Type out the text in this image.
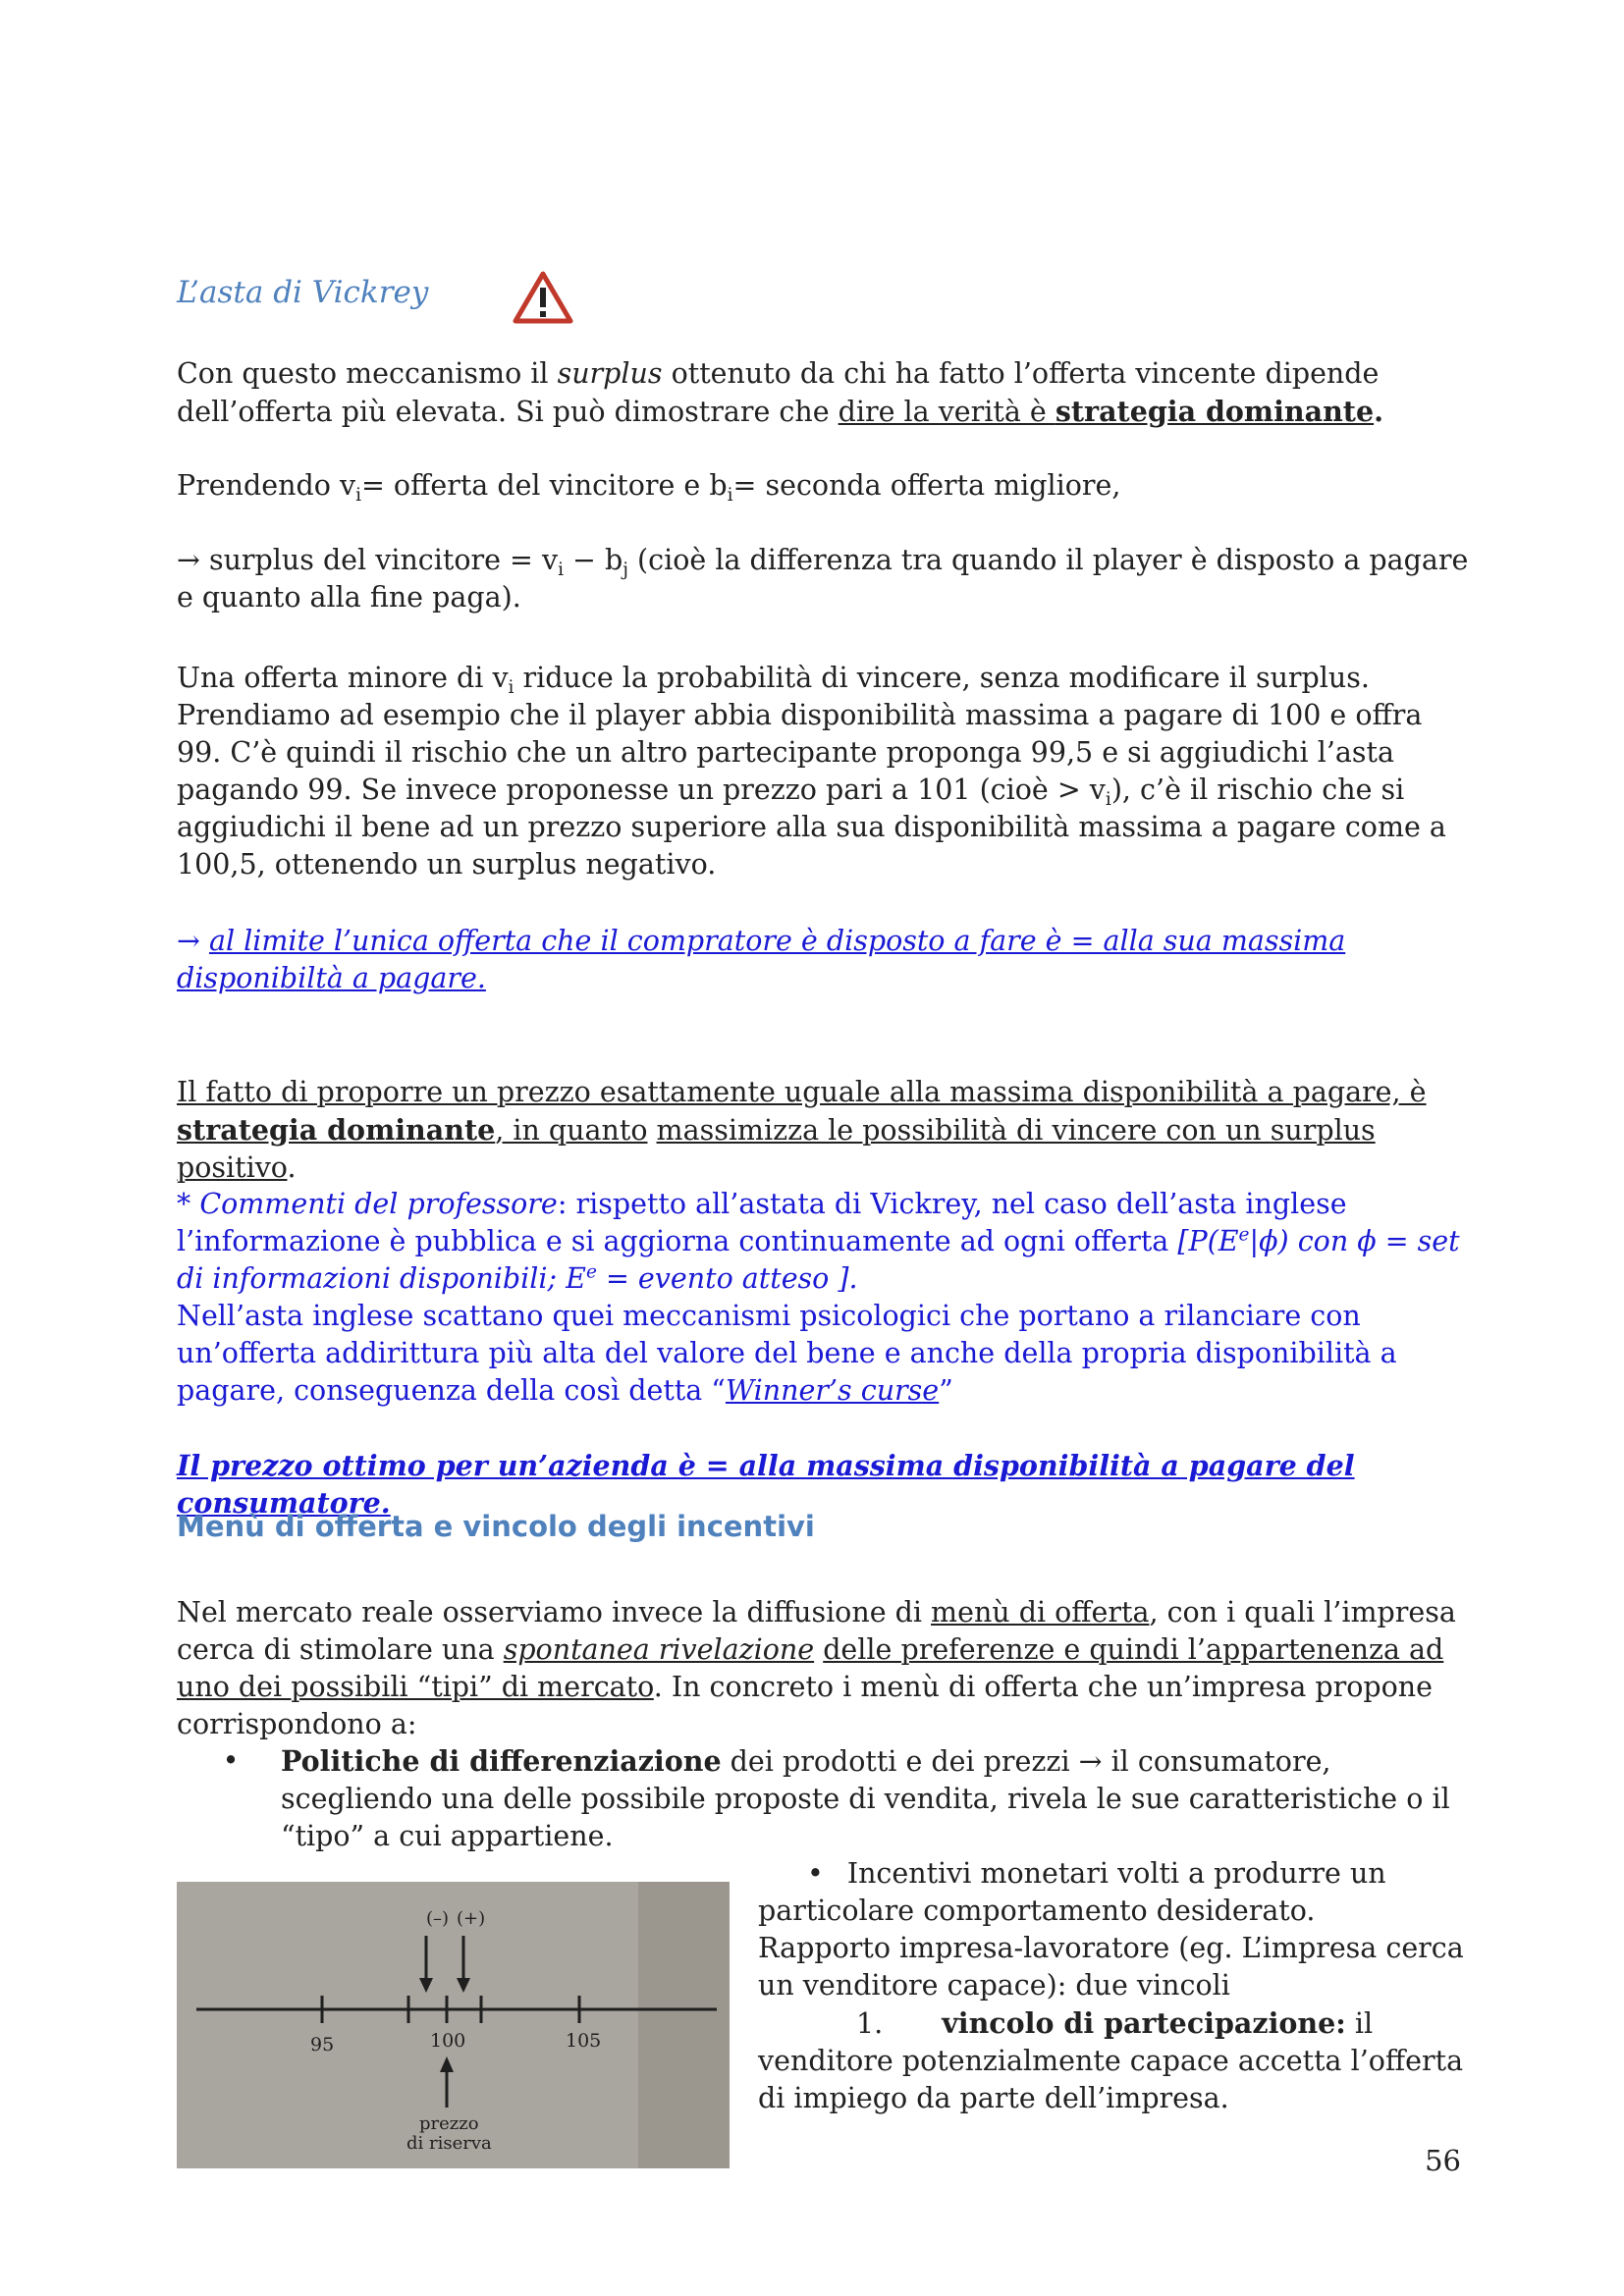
L’asta di Vickrey
Con questo meccanismo il surplus ottenuto da chi ha fatto l’offerta vincente dipende dell’offerta più elevata. Si può dimostrare che dire la verità è strategia dominante.
Prendendo $v_i=$ offerta del vincitore e $b_i=$ seconda offerta migliore,
→ surplus del vincitore = $v_i - b_j$ (cioè la differenza tra quando il player è disposto a pagare e quanto alla fine paga).
Una offerta minore di $v_i$ riduce la probabilità di vincere, senza modificare il surplus. Prendiamo ad esempio che il player abbia disponibilità massima a pagare di 100 e offra 99. C’è quindi il rischio che un altro partecipante proponga 99,5 e si aggiudichi l’asta pagando 99. Se invece proponesse un prezzo pari a 101 (cioè > $v_i$), c’è il rischio che si aggiudichi il bene ad un prezzo superiore alla sua disponibilità massima a pagare come a 100,5, ottenendo un surplus negativo.
→ al limite l’unica offerta che il compratore è disposto a fare è = alla sua massima disponibiltà a pagare.
Il fatto di proporre un prezzo esattamente uguale alla massima disponibilità a pagare, è strategia dominante, in quanto massimizza le possibilità di vincere con un surplus positivo.
* Commenti del professore: rispetto all’astata di Vickrey, nel caso dell’asta inglese l’informazione è pubblica e si aggiorna continuamente ad ogni offerta [$P(E^e|\phi)$ con ϕ = set di informazioni disponibili; $E^e$ = evento atteso ].
Nell’asta inglese scattano quei meccanismi psicologici che portano a rilanciare con un’offerta addirittura più alta del valore del bene e anche della propria disponibilità a pagare, conseguenza della così detta “Winner’s curse”
Il prezzo ottimo per un’azienda è = alla massima disponibilità a pagare del consumatore.
Menù di offerta e vincolo degli incentivi
Nel mercato reale osserviamo invece la diffusione di menù di offerta, con i quali l’impresa cerca di stimolare una spontanea rivelazione delle preferenze e quindi l’appartenenza ad uno dei possibili “tipi” di mercato. In concreto i menù di offerta che un’impresa propone corrispondono a:
•	Politiche di differenziazione dei prodotti e dei prezzi → il consumatore, scegliendo una delle possibile proposte di vendita, rivela le sue caratteristiche o il “tipo” a cui appartiene.
(–) (+)
95	100	105
prezzo
di riserva
• Incentivi monetari volti a produrre un particolare comportamento desiderato.
Rapporto impresa-lavoratore (eg. L’impresa cerca un venditore capace): due vincoli
1. vincolo di partecipazione: il venditore potenzialmente capace accetta l’offerta di impiego da parte dell’impresa.
56
